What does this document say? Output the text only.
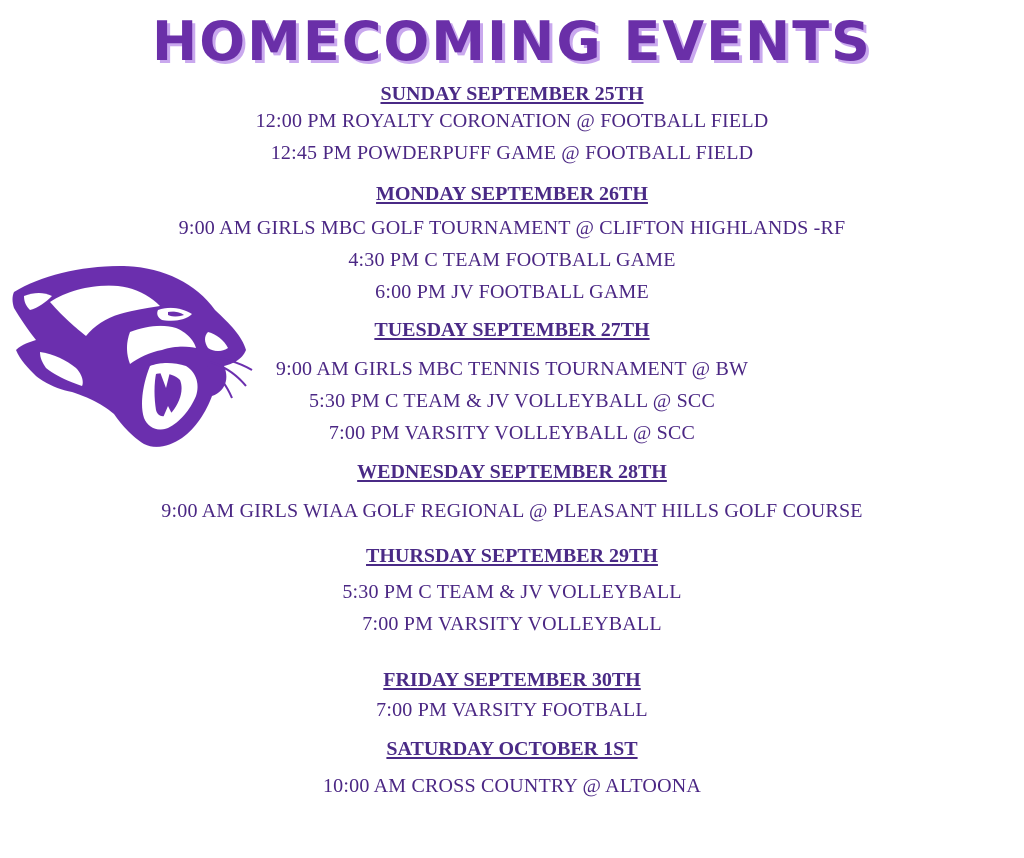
HOMECOMING EVENTS
SUNDAY SEPTEMBER 25TH
12:00 PM ROYALTY CORONATION @ FOOTBALL FIELD
12:45 PM POWDERPUFF GAME @ FOOTBALL FIELD
MONDAY SEPTEMBER 26TH
9:00 AM GIRLS MBC GOLF TOURNAMENT @ CLIFTON HIGHLANDS -RF
4:30 PM C TEAM FOOTBALL GAME
6:00 PM JV FOOTBALL GAME
TUESDAY SEPTEMBER 27TH
9:00 AM GIRLS MBC TENNIS TOURNAMENT @ BW
5:30 PM C TEAM & JV VOLLEYBALL @ SCC
7:00 PM VARSITY VOLLEYBALL @ SCC
WEDNESDAY SEPTEMBER 28TH
9:00 AM GIRLS WIAA GOLF REGIONAL @ PLEASANT HILLS GOLF COURSE
THURSDAY SEPTEMBER 29TH
5:30 PM C TEAM & JV VOLLEYBALL
7:00 PM VARSITY VOLLEYBALL
FRIDAY SEPTEMBER 30TH
7:00 PM VARSITY FOOTBALL
SATURDAY OCTOBER 1ST
10:00 AM CROSS COUNTRY @ ALTOONA
